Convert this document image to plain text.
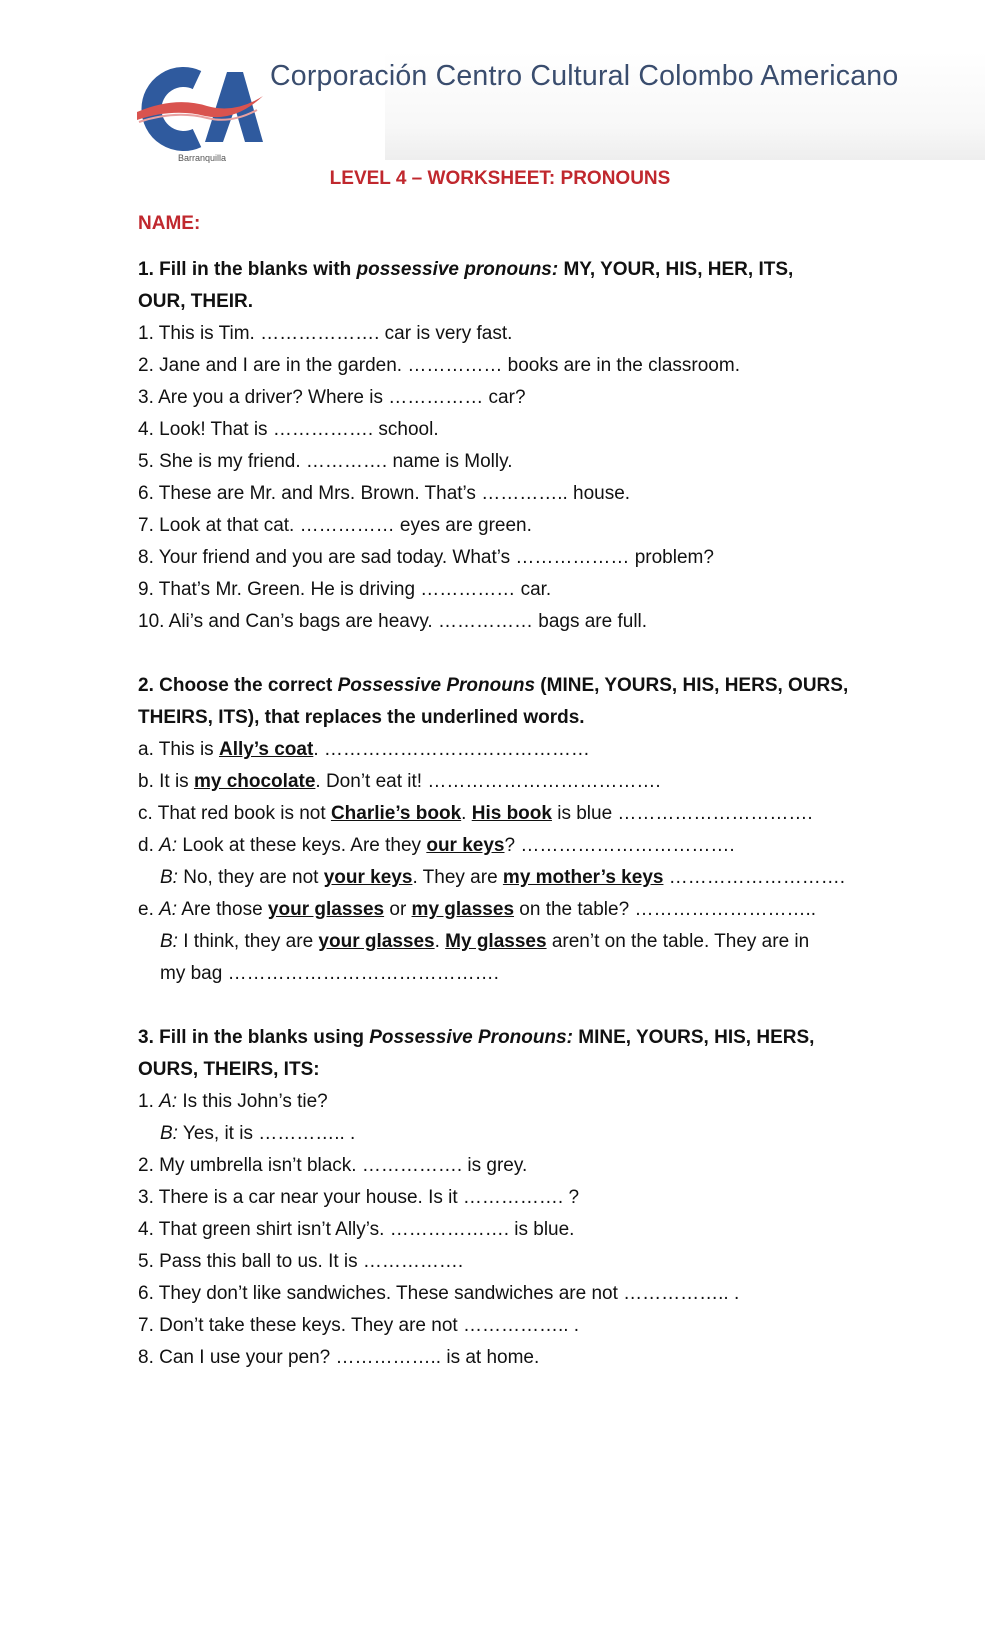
Barranquilla
Corporación Centro Cultural Colombo Americano
LEVEL 4 – WORKSHEET: PRONOUNS
NAME:
1. Fill in the blanks with possessive pronouns: MY, YOUR, HIS, HER, ITS,
OUR, THEIR.
1. This is Tim. ………………. car is very fast.
2. Jane and I are in the garden. …………… books are in the classroom.
3. Are you a driver? Where is …………… car?
4. Look! That is ……………. school.
5. She is my friend. …………. name is Molly.
6. These are Mr. and Mrs. Brown. That’s ………….. house.
7. Look at that cat. …………… eyes are green.
8. Your friend and you are sad today. What’s ……………… problem?
9. That’s Mr. Green. He is driving …………… car.
10. Ali’s and Can’s bags are heavy. …………… bags are full.
2. Choose the correct Possessive Pronouns (MINE, YOURS, HIS, HERS, OURS,
THEIRS, ITS), that replaces the underlined words.
a. This is Ally’s coat. ……………………………………
b. It is my chocolate. Don’t eat it! ……………………………….
c. That red book is not Charlie’s book. His book is blue ………………………….
d. A: Look at these keys. Are they our keys? …………………………….
B: No, they are not your keys. They are my mother’s keys ……………………….
e. A: Are those your glasses or my glasses on the table? ………………………..
B: I think, they are your glasses. My glasses aren’t on the table. They are in
my bag …………………………………….
3. Fill in the blanks using Possessive Pronouns: MINE, YOURS, HIS, HERS,
OURS, THEIRS, ITS:
1. A: Is this John’s tie?
B: Yes, it is ………….. .
2. My umbrella isn’t black. ……………. is grey.
3. There is a car near your house. Is it ……………. ?
4. That green shirt isn’t Ally’s. ………………. is blue.
5. Pass this ball to us. It is …………….
6. They don’t like sandwiches. These sandwiches are not …………….. .
7. Don’t take these keys. They are not …………….. .
8. Can I use your pen? …………….. is at home.
